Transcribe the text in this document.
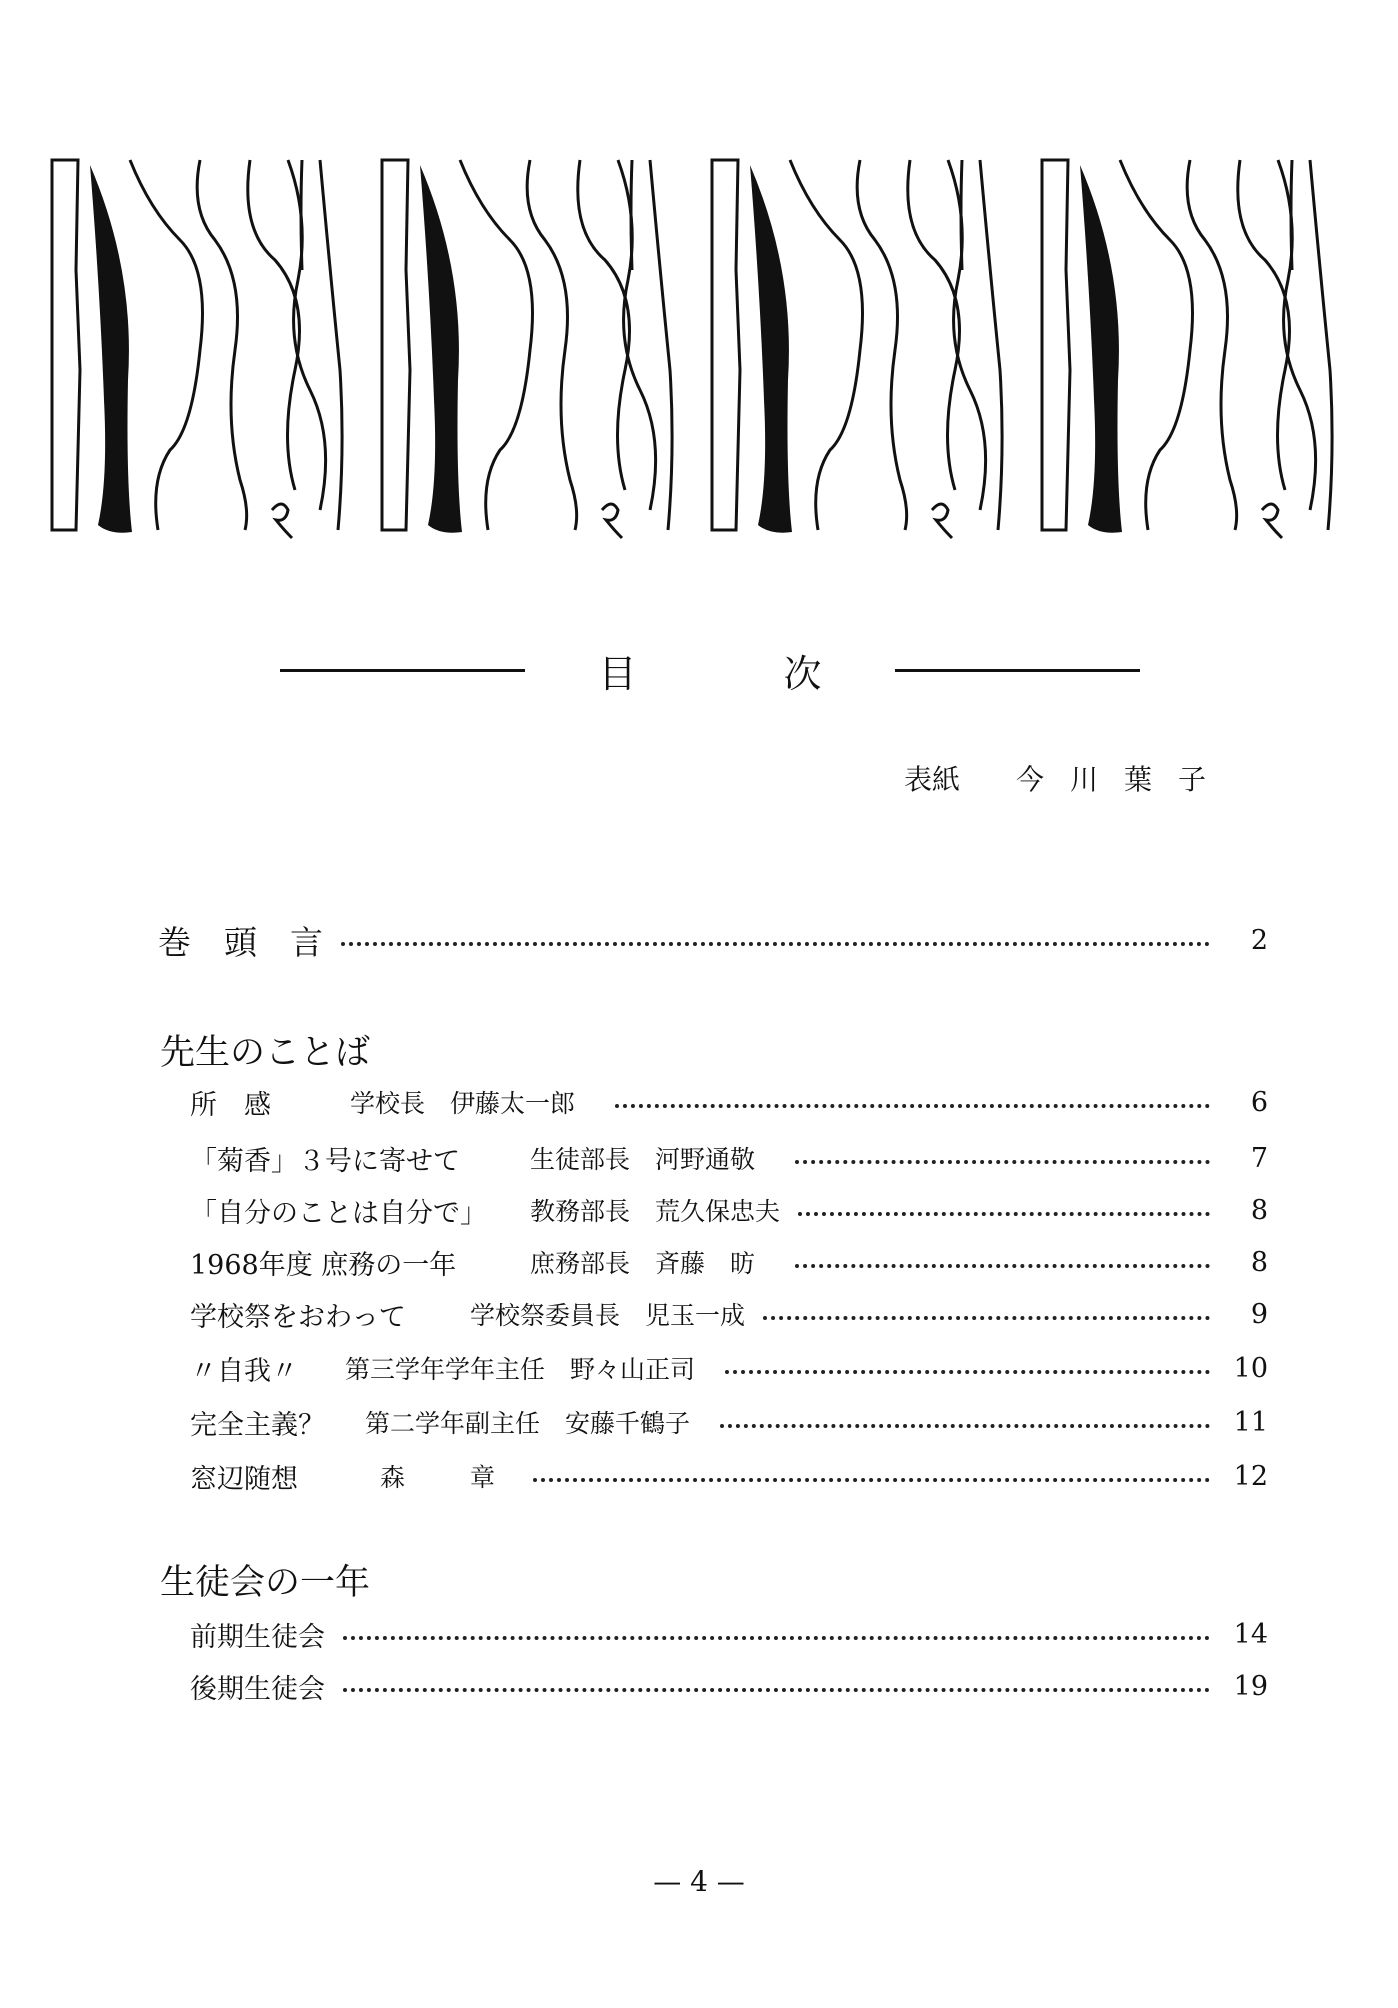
目	次
表紙 今川葉子
巻　頭　言	2
先生のことば
所　感	学校長　伊藤太一郎	6
「菊香」３号に寄せて	生徒部長　河野通敬	7
「自分のことは自分で」	教務部長　荒久保忠夫	8
1968年度 庶務の一年	庶務部長　斉藤　昉	8
学校祭をおわって	学校祭委員長　児玉一成	9
〃自我〃	第三学年学年主任　野々山正司	10
完全主義？	第二学年副主任　安藤千鶴子	11
窓辺随想	森　章	12
生徒会の一年
前期生徒会	14
後期生徒会	19
— 4 —
